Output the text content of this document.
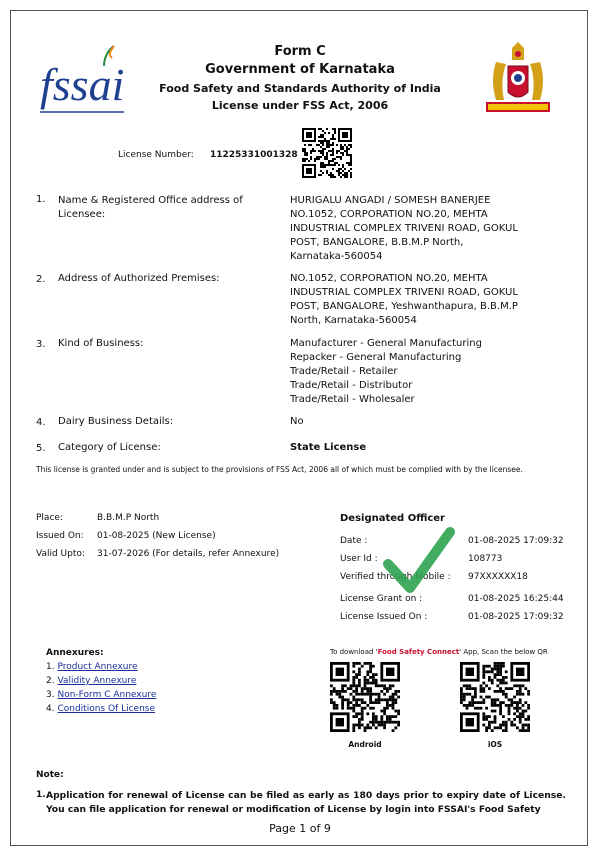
fssai
Form C
Government of Karnataka
Food Safety and Standards Authority of India
License under FSS Act, 2006
License Number: 11225331001328
1. Name & Registered Office address of Licensee:
HURIGALU ANGADI / SOMESH BANERJEE
NO.1052, CORPORATION NO.20, MEHTA
INDUSTRIAL COMPLEX TRIVENI ROAD, GOKUL
POST, BANGALORE, B.B.M.P North,
Karnataka-560054
2. Address of Authorized Premises:	NO.1052, CORPORATION NO.20, MEHTA
INDUSTRIAL COMPLEX TRIVENI ROAD, GOKUL
POST, BANGALORE, Yeshwanthapura, B.B.M.P
North, Karnataka-560054
3. Kind of Business:	Manufacturer - General Manufacturing
Repacker - General Manufacturing
Trade/Retail - Retailer
Trade/Retail - Distributor
Trade/Retail - Wholesaler
4. Dairy Business Details:	No
5. Category of License:	State License
This license is granted under and is subject to the provisions of FSS Act, 2006 all of which must be complied with by the licensee.
Place:	B.B.M.P North
Issued On: 01-08-2025 (New License)
Valid Upto: 31-07-2026 (For details, refer Annexure)
Designated Officer
Date :	01-08-2025 17:09:32
User Id :	108773
Verified through Mobile : 97XXXXXX18
License Grant on :	01-08-2025 16:25:44
License Issued On :	01-08-2025 17:09:32
Annexures:
1. Product Annexure
2. Validity Annexure
3. Non-Form C Annexure
4. Conditions Of License
To download 'Food Safety Connect' App, Scan the below QR
Android	iOS
Note:
1. Application for renewal of License can be filed as early as 180 days prior to expiry date of License.
You can file application for renewal or modification of License by login into FSSAI's Food Safety
Page 1 of 9
